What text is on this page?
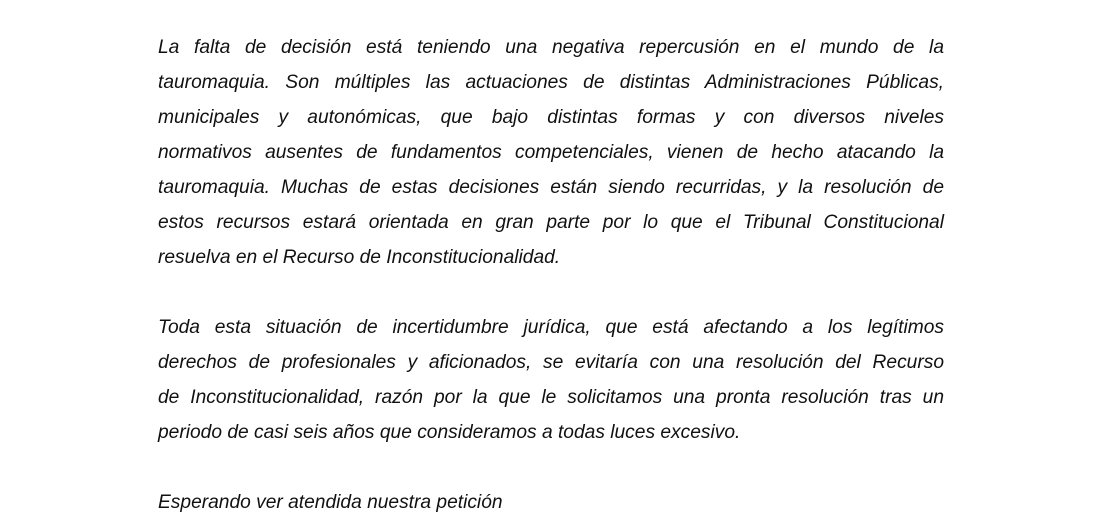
La falta de decisión está teniendo una negativa repercusión en el mundo de la
tauromaquia. Son múltiples las actuaciones de distintas Administraciones Públicas,
municipales y autonómicas, que bajo distintas formas y con diversos niveles
normativos ausentes de fundamentos competenciales, vienen de hecho atacando la
tauromaquia. Muchas de estas decisiones están siendo recurridas, y la resolución de
estos recursos estará orientada en gran parte por lo que el Tribunal Constitucional
resuelva en el Recurso de Inconstitucionalidad.
Toda esta situación de incertidumbre jurídica, que está afectando a los legítimos
derechos de profesionales y aficionados, se evitaría con una resolución del Recurso
de Inconstitucionalidad, razón por la que le solicitamos una pronta resolución tras un
periodo de casi seis años que consideramos a todas luces excesivo.
Esperando ver atendida nuestra petición
